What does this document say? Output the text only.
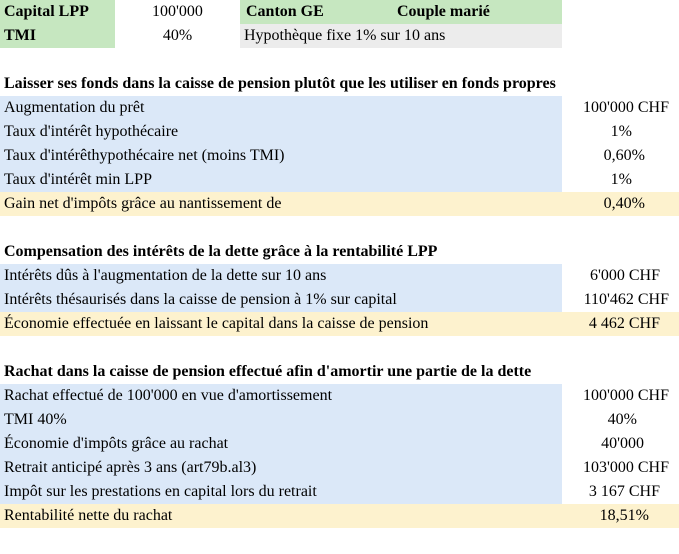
Capital LPP	100'000	Canton GE	Couple marié
TMI	40%	Hypothèque fixe 1% sur 10 ans
Laisser ses fonds dans la caisse de pension plutôt que les utiliser en fonds propres
Augmentation du prêt	100'000 CHF
Taux d'intérêt hypothécaire	1%
Taux d'intérêthypothécaire net (moins TMI)	0,60%
Taux d'intérêt min LPP	1%
Gain net d'impôts grâce au nantissement de	0,40%
Compensation des intérêts de la dette grâce à la rentabilité LPP
Intérêts dûs à l'augmentation de la dette sur 10 ans	6'000 CHF
Intérêts thésaurisés dans la caisse de pension à 1% sur capital	110'462 CHF
Économie effectuée en laissant le capital dans la caisse de pension	4 462 CHF
Rachat dans la caisse de pension effectué afin d'amortir une partie de la dette
Rachat effectué de 100'000 en vue d'amortissement	100'000 CHF
TMI 40%	40%
Économie d'impôts grâce au rachat	40'000
Retrait anticipé après 3 ans (art79b.al3)	103'000 CHF
Impôt sur les prestations en capital lors du retrait	3 167 CHF
Rentabilité nette du rachat	18,51%
